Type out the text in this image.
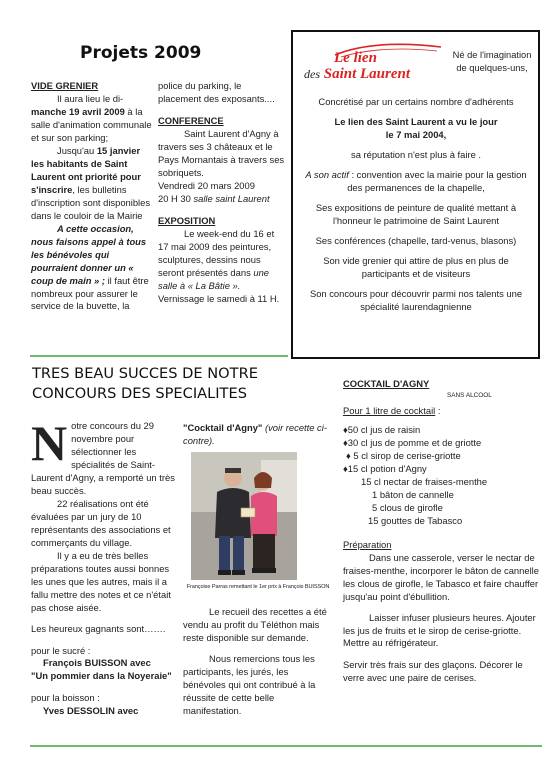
Projets 2009
VIDE GRENIER

Il aura lieu le di- manche 19 avril 2009 à la salle d'animation communale et sur son parking;

Jusqu'au 15 janvier les habitants de Saint Laurent ont priorité pour s'inscrire, les bulletins d'inscription sont disponibles dans le couloir de la Mairie

A cette occasion, nous faisons appel à tous les bénévoles qui pourraient donner un « coup de main » ; il faut être nombreux pour assurer le service de la buvette, la

police du parking, le placement des exposants....

CONFERENCE

Saint Laurent d'Agny à travers ses 3 châteaux et le Pays Mornantais à travers ses sobriquets.

Vendredi 20 mars 2009

20 H 30 salle saint Laurent

EXPOSITION

Le week-end du 16 et 17 mai 2009 des peintures, sculptures, dessins nous seront présentés dans une salle à « La Bâtie ». Vernissage le samedi à 11 H.

Le lien
des Saint Laurent
Né de l'imagination de quelques-uns,

Concrétisé par un certains nombre d'adhérents

Le lien des Saint Laurent a vu le jour
le 7 mai 2004,

sa réputation n'est plus à faire .

A son actif : convention avec la mairie pour la gestion des permanences de la chapelle,

Ses expositions de peinture de qualité mettant à l'honneur le patrimoine de Saint Laurent

Ses conférences (chapelle, tard-venus, blasons)

Son vide grenier qui attire de plus en plus de participants et de visiteurs

Son concours pour découvrir parmi nos talents une spécialité laurendagnienne

TRES BEAU SUCCES DE NOTRE
CONCOURS DES SPECIALITES

Notre concours du 29 novembre pour sélectionner les spécialités de Saint-Laurent d'Agny, a remporté un très beau succès.

22 réalisations ont été évaluées par un jury de 10 représentants des associations et commerçants du village.

Il y a eu de très belles préparations toutes aussi bonnes les unes que les autres, mais il a fallu mettre des notes et ce n'était pas chose aisée.

Les heureux gagnants sont…….

pour le sucré :

François BUISSON avec

"Un pommier dans la Noyeraie"

pour la boisson :

Yves DESSOLIN avec

"Cocktail d'Agny" (voir recette ci-contre).

Françoise Parras remettant le 1er prix à François BUISSON

Le recueil des recettes a été vendu au profit du Téléthon mais reste disponible sur demande.

Nous remercions tous les participants, les jurés, les bénévoles qui ont contribué à la réussite de cette belle manifestation.

COCKTAIL D'AGNY
SANS ALCOOL

Pour 1 litre de cocktail :

♦50 cl jus de raisin
♦30 cl jus de pomme et de griotte
♦ 5 cl sirop de cerise-griotte
♦15 cl potion d'Agny
15 cl nectar de fraises-menthe
1 bâton de cannelle
5 clous de girofle
15 gouttes de Tabasco
Préparation

Dans une casserole, verser le nectar de fraises-menthe, incorporer le bâton de cannelle les clous de girofle, le Tabasco et faire chauffer jusqu'au point d'ébullition.

Laisser infuser plusieurs heures. Ajouter les jus de fruits et le sirop de cerise-griotte. Mettre au réfrigérateur.

Servir très frais sur des glaçons. Décorer le verre avec une paire de cerises.
